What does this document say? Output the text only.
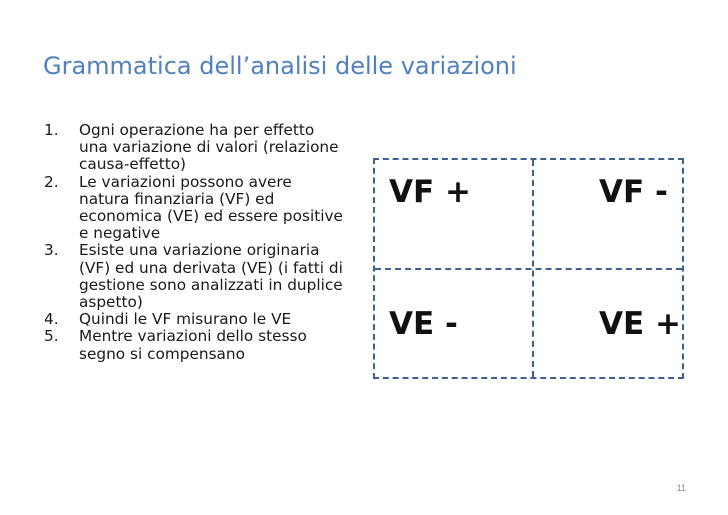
Grammatica dell’analisi delle variazioni
1. Ogni operazione ha per effetto una variazione di valori (relazione causa-effetto)
2. Le variazioni possono avere natura finanziaria (VF) ed economica (VE) ed essere positive e negative
3. Esiste una variazione originaria (VF) ed una derivata (VE) (i fatti di gestione sono analizzati in duplice aspetto)
4. Quindi le VF misurano le VE
5. Mentre variazioni dello stesso segno si compensano
VF +	VF -
VE -	VE +
11
